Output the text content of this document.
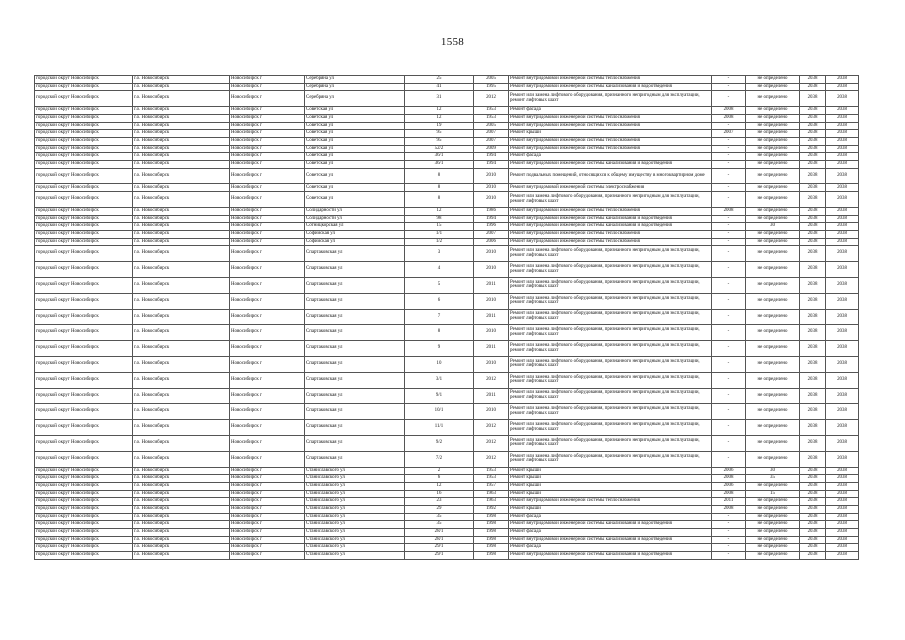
1558
городской округ Новосибирск	г.о. Новосибирск	Новосибирск г	Серебряна ул	25	2005	Ремонт внутридомовой инженерной системы теплоснабжения	-	не определено	2038	2038
городской округ Новосибирск	г.о. Новосибирск	Новосибирск г	Серебряна ул	41	1995	Ремонт внутридомовой инженерной системы канализования и водоотведения	-	не определено	2038	2038
городской округ Новосибирск	г.о. Новосибирск	Новосибирск г	Серебряна ул	31	2012	Ремонт или замена лифтового оборудования, признанного непригодным для эксплуатации, ремонт лифтовых шахт	-	не определено	2038	2038
городской округ Новосибирск	г.о. Новосибирск	Новосибирск г	Советская ул	12	1953	Ремонт фасада	2008	не определено	2038	2038
городской округ Новосибирск	г.о. Новосибирск	Новосибирск г	Советская ул	12	1953	Ремонт внутридомовой инженерной системы теплоснабжения	2008	не определено	2038	2038
городской округ Новосибирск	г.о. Новосибирск	Новосибирск г	Советская ул	19	2005	Ремонт внутридомовой инженерной системы теплоснабжения	-	не определено	2038	2038
городской округ Новосибирск	г.о. Новосибирск	Новосибирск г	Советская ул	95	2007	Ремонт крыши	2007	не определено	2038	2038
городской округ Новосибирск	г.о. Новосибирск	Новосибирск г	Советская ул	95	2007	Ремонт внутридомовой инженерной системы теплоснабжения	-	не определено	2038	2038
городской округ Новосибирск	г.о. Новосибирск	Новосибирск г	Советская ул	52/2	2009	Ремонт внутридомовой инженерной системы теплоснабжения	-	не определено	2038	2038
городской округ Новосибирск	г.о. Новосибирск	Новосибирск г	Советская ул	36/1	1994	Ремонт фасада	-	не определено	2038	2038
городской округ Новосибирск	г.о. Новосибирск	Новосибирск г	Советская ул	36/1	1994	Ремонт внутридомовой инженерной системы канализования и водоотведения	-	не определено	2038	2038
городской округ Новосибирск	г.о. Новосибирск	Новосибирск г	Советская ул	8	2010	Ремонт подвальных помещений, относящихся к общему имуществу в многоквартирном доме	-	не определено	2038	2038
городской округ Новосибирск	г.о. Новосибирск	Новосибирск г	Советская ул	8	2010	Ремонт внутридомовой инженерной системы электроснабжения	-	не определено	2038	2038
городской округ Новосибирск	г.о. Новосибирск	Новосибирск г	Советская ул	8	2010	Ремонт или замена лифтового оборудования, признанного непригодным для эксплуатации, ремонт лифтовых шахт	-	не определено	2038	2038
городской округ Новосибирск	г.о. Новосибирск	Новосибирск г	Солидарности ул	12	1986	Ремонт внутридомовой инженерной системы теплоснабжения	2008	не определено	2038	2038
городской округ Новосибирск	г.о. Новосибирск	Новосибирск г	Солидарности ул	98	1994	Ремонт внутридомовой инженерной системы канализования и водоотведения	-	не определено	2038	2038
городской округ Новосибирск	г.о. Новосибирск	Новосибирск г	Сотницкорская ул	15	1996	Ремонт внутридомовой инженерной системы канализования и водоотведения	-	30	2038	2038
городской округ Новосибирск	г.о. Новосибирск	Новосибирск г	Софийская ул	1/1	2007	Ремонт внутридомовой инженерной системы теплоснабжения	-	не определено	2038	2038
городской округ Новосибирск	г.о. Новосибирск	Новосибирск г	Софийская ул	1/2	2006	Ремонт внутридомовой инженерной системы теплоснабжения	-	не определено	2038	2038
городской округ Новосибирск	г.о. Новосибирск	Новосибирск г	Спартаковская ул	3	2010	Ремонт или замена лифтового оборудования, признанного непригодным для эксплуатации, ремонт лифтовых шахт	-	не определено	2038	2038
городской округ Новосибирск	г.о. Новосибирск	Новосибирск г	Спартаковская ул	4	2010	Ремонт или замена лифтового оборудования, признанного непригодным для эксплуатации, ремонт лифтовых шахт	-	не определено	2038	2038
городской округ Новосибирск	г.о. Новосибирск	Новосибирск г	Спартаковская ул	5	2011	Ремонт или замена лифтового оборудования, признанного непригодным для эксплуатации, ремонт лифтовых шахт	-	не определено	2038	2038
городской округ Новосибирск	г.о. Новосибирск	Новосибирск г	Спартаковская ул	6	2010	Ремонт или замена лифтового оборудования, признанного непригодным для эксплуатации, ремонт лифтовых шахт	-	не определено	2038	2038
городской округ Новосибирск	г.о. Новосибирск	Новосибирск г	Спартаковская ул	7	2011	Ремонт или замена лифтового оборудования, признанного непригодным для эксплуатации, ремонт лифтовых шахт	-	не определено	2038	2038
городской округ Новосибирск	г.о. Новосибирск	Новосибирск г	Спартаковская ул	8	2010	Ремонт или замена лифтового оборудования, признанного непригодным для эксплуатации, ремонт лифтовых шахт	-	не определено	2038	2038
городской округ Новосибирск	г.о. Новосибирск	Новосибирск г	Спартаковская ул	9	2011	Ремонт или замена лифтового оборудования, признанного непригодным для эксплуатации, ремонт лифтовых шахт	-	не определено	2038	2038
городской округ Новосибирск	г.о. Новосибирск	Новосибирск г	Спартаковская ул	10	2010	Ремонт или замена лифтового оборудования, признанного непригодным для эксплуатации, ремонт лифтовых шахт	-	не определено	2038	2038
городской округ Новосибирск	г.о. Новосибирск	Новосибирск г	Спартаковская ул	3/1	2012	Ремонт или замена лифтового оборудования, признанного непригодным для эксплуатации, ремонт лифтовых шахт	-	не определено	2038	2038
городской округ Новосибирск	г.о. Новосибирск	Новосибирск г	Спартаковская ул	9/1	2011	Ремонт или замена лифтового оборудования, признанного непригодным для эксплуатации, ремонт лифтовых шахт	-	не определено	2038	2038
городской округ Новосибирск	г.о. Новосибирск	Новосибирск г	Спартаковская ул	10/1	2010	Ремонт или замена лифтового оборудования, признанного непригодным для эксплуатации, ремонт лифтовых шахт	-	не определено	2038	2038
городской округ Новосибирск	г.о. Новосибирск	Новосибирск г	Спартаковская ул	11/1	2012	Ремонт или замена лифтового оборудования, признанного непригодным для эксплуатации, ремонт лифтовых шахт	-	не определено	2038	2038
городской округ Новосибирск	г.о. Новосибирск	Новосибирск г	Спартаковская ул	9/2	2012	Ремонт или замена лифтового оборудования, признанного непригодным для эксплуатации, ремонт лифтовых шахт	-	не определено	2038	2038
городской округ Новосибирск	г.о. Новосибирск	Новосибирск г	Спартаковская ул	7/2	2012	Ремонт или замена лифтового оборудования, признанного непригодным для эксплуатации, ремонт лифтовых шахт	-	не определено	2038	2038
городской округ Новосибирск	г.о. Новосибирск	Новосибирск г	Станиславского ул	2	1953	Ремонт крыши	2006	30	2038	2038
городской округ Новосибирск	г.о. Новосибирск	Новосибирск г	Станиславского ул	6	1953	Ремонт крыши	2008	35	2038	2038
городской округ Новосибирск	г.о. Новосибирск	Новосибирск г	Станиславского ул	12	1957	Ремонт крыши	2006	не определено	2038	2038
городской округ Новосибирск	г.о. Новосибирск	Новосибирск г	Станиславского ул	16	1963	Ремонт крыши	2008	15	2038	2038
городской округ Новосибирск	г.о. Новосибирск	Новосибирск г	Станиславского ул	23	1963	Ремонт внутридомовой инженерной системы теплоснабжения	2011	не определено	2038	2038
городской округ Новосибирск	г.о. Новосибирск	Новосибирск г	Станиславского ул	29	1992	Ремонт крыши	2008	не определено	2038	2038
городской округ Новосибирск	г.о. Новосибирск	Новосибирск г	Станиславского ул	35	1998	Ремонт фасада	-	не определено	2038	2038
городской округ Новосибирск	г.о. Новосибирск	Новосибирск г	Станиславского ул	35	1998	Ремонт внутридомовой инженерной системы канализования и водоотведения	-	не определено	2038	2038
городской округ Новосибирск	г.о. Новосибирск	Новосибирск г	Станиславского ул	28/1	1998	Ремонт фасада	-	не определено	2038	2038
городской округ Новосибирск	г.о. Новосибирск	Новосибирск г	Станиславского ул	28/1	1998	Ремонт внутридомовой инженерной системы канализования и водоотведения	-	не определено	2038	2038
городской округ Новосибирск	г.о. Новосибирск	Новосибирск г	Станиславского ул	29/1	1998	Ремонт фасада	-	не определено	2038	2038
городской округ Новосибирск	г.о. Новосибирск	Новосибирск г	Станиславского ул	29/1	1998	Ремонт внутридомовой инженерной системы канализования и водоотведения	-	не определено	2038	2038
